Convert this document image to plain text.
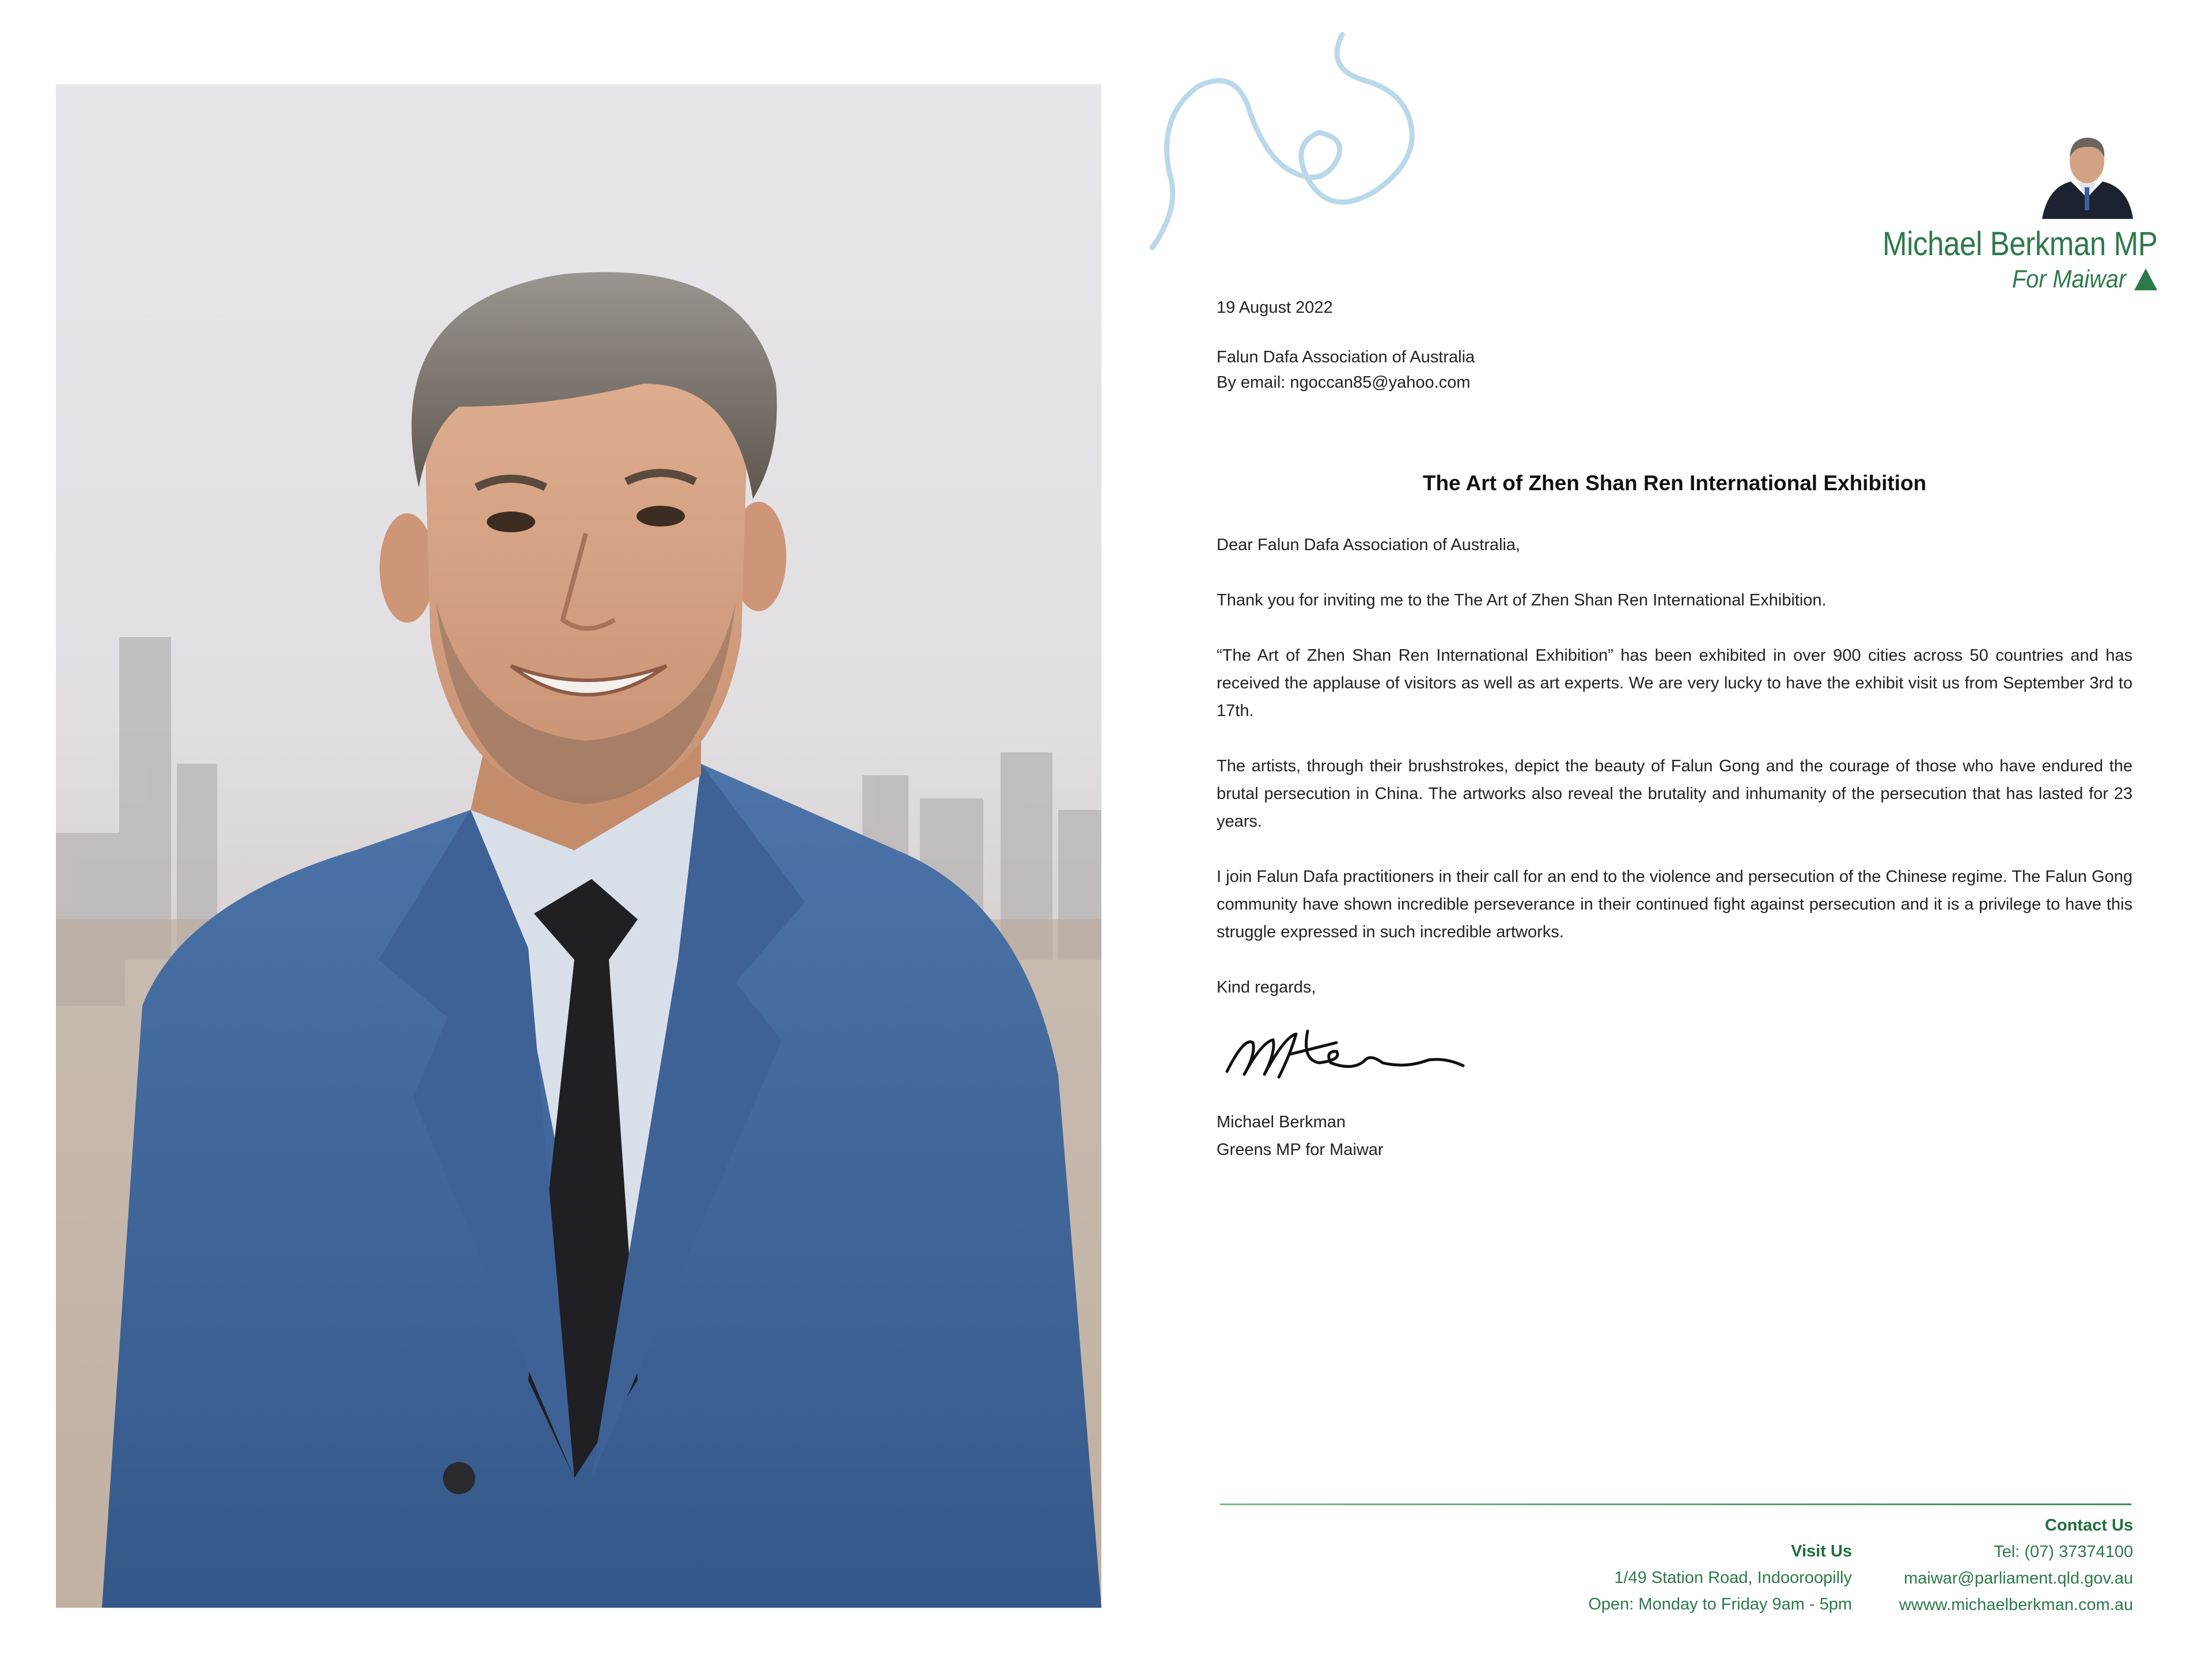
Michael Berkman MP
For Maiwar
19 August 2022
Falun Dafa Association of Australia
By email: ngoccan85@yahoo.com
The Art of Zhen Shan Ren International Exhibition
Dear Falun Dafa Association of Australia,
Thank you for inviting me to the The Art of Zhen Shan Ren International Exhibition.
“The Art of Zhen Shan Ren International Exhibition” has been exhibited in over 900 cities across 50 countries and has received the applause of visitors as well as art experts. We are very lucky to have the exhibit visit us from September 3rd to 17th.
The artists, through their brushstrokes, depict the beauty of Falun Gong and the courage of those who have endured the brutal persecution in China. The artworks also reveal the brutality and inhumanity of the persecution that has lasted for 23 years.
I join Falun Dafa practitioners in their call for an end to the violence and persecution of the Chinese regime. The Falun Gong community have shown incredible perseverance in their continued fight against persecution and it is a privilege to have this struggle expressed in such incredible artworks.
Kind regards,
Michael Berkman
Greens MP for Maiwar
Visit Us
1/49 Station Road, Indooroopilly
Open: Monday to Friday 9am - 5pm
Contact Us
Tel: (07) 37374100
maiwar@parliament.qld.gov.au
wwww.michaelberkman.com.au
